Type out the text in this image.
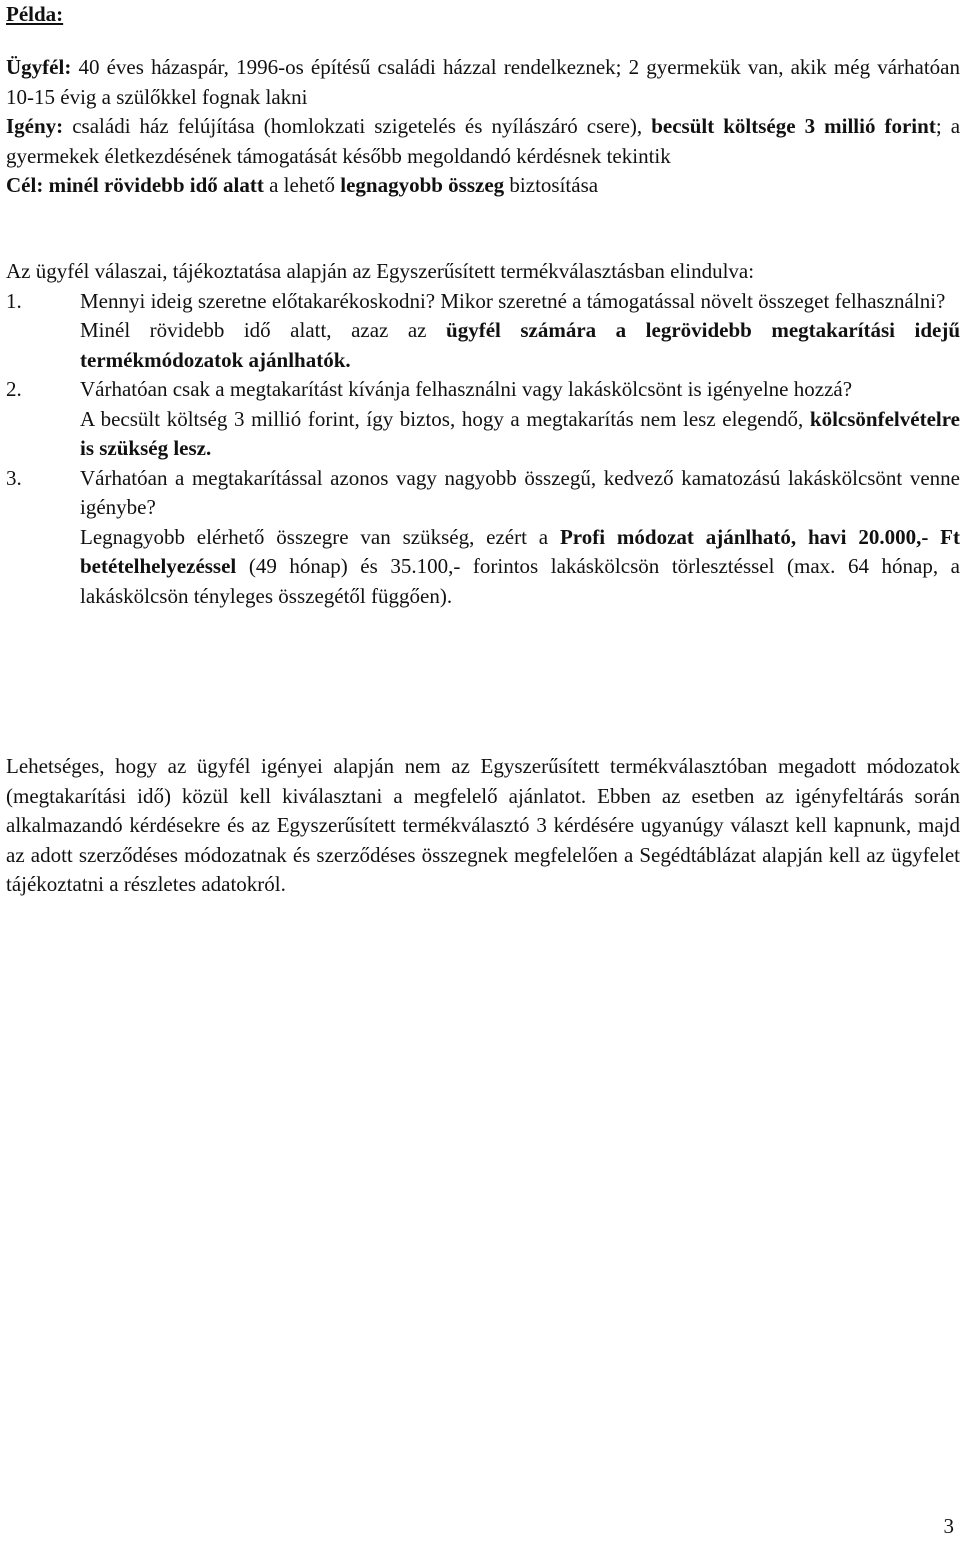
Példa:

Ügyfél: 40 éves házaspár, 1996-os építésű családi házzal rendelkeznek; 2 gyermekük van, akik még várhatóan 10-15 évig a szülőkkel fognak lakni

Igény: családi ház felújítása (homlokzati szigetelés és nyílászáró csere), becsült költsége 3 millió forint; a gyermekek életkezdésének támogatását később megoldandó kérdésnek tekintik

Cél: minél rövidebb idő alatt a lehető legnagyobb összeg biztosítása

Az ügyfél válaszai, tájékoztatása alapján az Egyszerűsített termékválasztásban elindulva:

1.	Mennyi ideig szeretne előtakarékoskodni? Mikor szeretné a támogatással növelt összeget felhasználni?

Minél rövidebb idő alatt, azaz az ügyfél számára a legrövidebb megtakarítási idejű termékmódozatok ajánlhatók.

2.	Várhatóan csak a megtakarítást kívánja felhasználni vagy lakáskölcsönt is igényelne hozzá?

A becsült költség 3 millió forint, így biztos, hogy a megtakarítás nem lesz elegendő, kölcsönfelvételre is szükség lesz.

3.	Várhatóan a megtakarítással azonos vagy nagyobb összegű, kedvező kamatozású lakáskölcsönt venne igénybe?

Legnagyobb elérhető összegre van szükség, ezért a Profi módozat ajánlható, havi 20.000,- Ft betételhelyezéssel (49 hónap) és 35.100,- forintos lakáskölcsön törlesztéssel (max. 64 hónap, a lakáskölcsön tényleges összegétől függően).

Lehetséges, hogy az ügyfél igényei alapján nem az Egyszerűsített termékválasztóban megadott módozatok (megtakarítási idő) közül kell kiválasztani a megfelelő ajánlatot. Ebben az esetben az igényfeltárás során alkalmazandó kérdésekre és az Egyszerűsített termékválasztó 3 kérdésére ugyanúgy választ kell kapnunk, majd az adott szerződéses módozatnak és szerződéses összegnek megfelelően a Segédtáblázat alapján kell az ügyfelet tájékoztatni a részletes adatokról.

3
